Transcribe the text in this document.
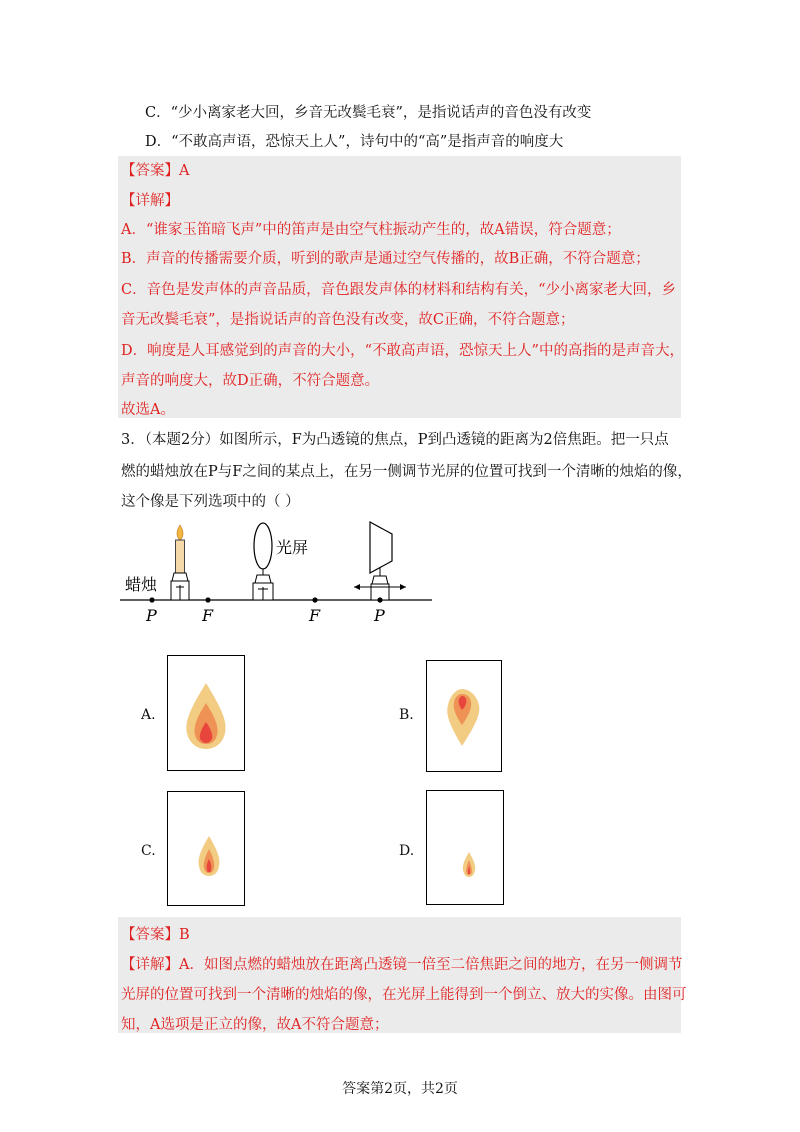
C．“少小离家老大回，乡音无改鬓毛衰”，是指说话声的音色没有改变
D．“不敢高声语，恐惊天上人”，诗句中的“高”是指声音的响度大
【答案】A
【详解】
A．“谁家玉笛暗飞声”中的笛声是由空气柱振动产生的，故A错误，符合题意；
B．声音的传播需要介质，听到的歌声是通过空气传播的，故B正确，不符合题意；
C．音色是发声体的声音品质，音色跟发声体的材料和结构有关，“少小离家老大回，乡
音无改鬓毛衰”，是指说话声的音色没有改变，故C正确，不符合题意；
D．响度是人耳感觉到的声音的大小，“不敢高声语，恐惊天上人”中的高指的是声音大，
声音的响度大，故D正确，不符合题意。
故选A。
3．（本题2分）如图所示，F为凸透镜的焦点，P到凸透镜的距离为2倍焦距。把一只点
燃的蜡烛放在P与F之间的某点上，在另一侧调节光屏的位置可找到一个清晰的烛焰的像，
这个像是下列选项中的（ ）
蜡烛
光屏
P	F	F	P
A.	B.
C.	D.
【答案】B
【详解】A．如图点燃的蜡烛放在距离凸透镜一倍至二倍焦距之间的地方，在另一侧调节
光屏的位置可找到一个清晰的烛焰的像，在光屏上能得到一个倒立、放大的实像。由图可
知，A选项是正立的像，故A不符合题意；
答案第2页，共2页
